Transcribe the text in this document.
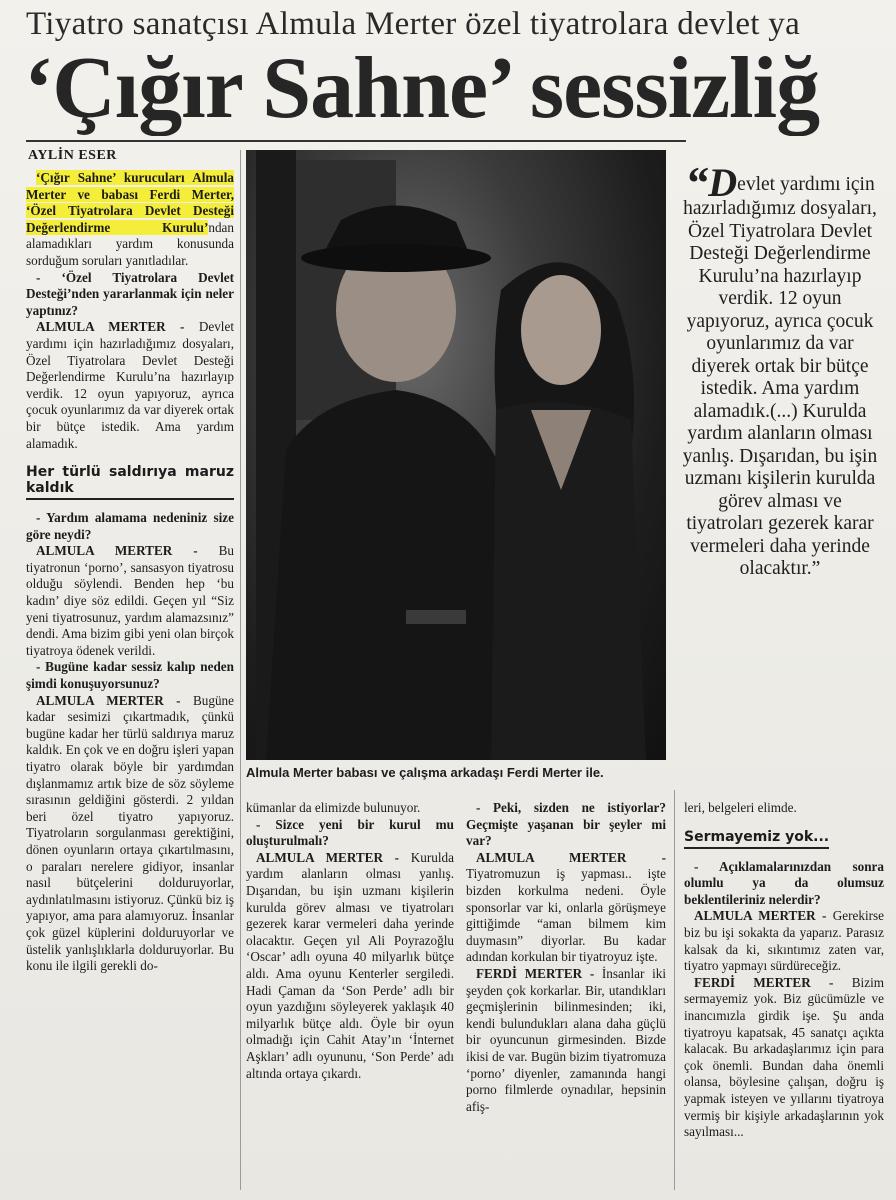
Tiyatro sanatçısı Almula Merter özel tiyatrolara devlet ya
‘Çığır Sahne’ sessizliğ
AYLİN ESER

‘Çığır Sahne’ kurucuları Almula Merter ve babası Ferdi Merter, ‘Özel Tiyatrolara Devlet Desteği Değerlendirme Kurulu’ndan alamadıkları yardım konusunda sorduğum soruları yanıtladılar.

- ‘Özel Tiyatrolara Devlet Desteği’nden yararlanmak için neler yaptınız?

ALMULA MERTER - Devlet yardımı için hazırladığımız dosyaları, Özel Tiyatrolara Devlet Desteği Değerlendirme Kurulu’na hazırlayıp verdik. 12 oyun yapıyoruz, ayrıca çocuk oyunlarımız da var diyerek ortak bir bütçe istedik. Ama yardım alamadık.

Her türlü saldırıya maruz kaldık

- Yardım alamama nedeniniz size göre neydi?

ALMULA MERTER - Bu tiyatronun ‘porno’, sansasyon tiyatrosu olduğu söylendi. Benden hep ‘bu kadın’ diye söz edildi. Geçen yıl “Siz yeni tiyatrosunuz, yardım alamazsınız” dendi. Ama bizim gibi yeni olan birçok tiyatroya ödenek verildi.

- Bugüne kadar sessiz kalıp neden şimdi konuşuyorsunuz?

ALMULA MERTER - Bugüne kadar sesimizi çıkartmadık, çünkü bugüne kadar her türlü saldırıya maruz kaldık. En çok ve en doğru işleri yapan tiyatro olarak böyle bir yardımdan dışlanmamız artık bize de söz söyleme sırasının geldiğini gösterdi. 2 yıldan beri özel tiyatro yapıyoruz. Tiyatroların sorgulanması gerektiğini, dönen oyunların ortaya çıkartılmasını, o paraları nerelere gidiyor, insanlar nasıl bütçelerini dolduruyorlar, aydınlatılmasını istiyoruz. Çünkü biz iş yapıyor, ama para alamıyoruz. İnsanlar çok güzel küplerini dolduruyorlar ve üstelik yanlışlıklarla dolduruyorlar. Bu konu ile ilgili gerekli do-

Almula Merter babası ve çalışma arkadaşı Ferdi Merter ile.
“Devlet yardımı için hazırladığımız dosyaları, Özel Tiyatrolara Devlet Desteği Değerlendirme Kurulu’na hazırlayıp verdik. 12 oyun yapıyoruz, ayrıca çocuk oyunlarımız da var diyerek ortak bir bütçe istedik. Ama yardım alamadık.(...) Kurulda yardım alanların olması yanlış. Dışarıdan, bu işin uzmanı kişilerin kurulda görev alması ve tiyatroları gezerek karar vermeleri daha yerinde olacaktır.”

kümanlar da elimizde bulunuyor.

- Sizce yeni bir kurul mu oluşturulmalı?

ALMULA MERTER - Kurulda yardım alanların olması yanlış. Dışarıdan, bu işin uzmanı kişilerin kurulda görev alması ve tiyatroları gezerek karar vermeleri daha yerinde olacaktır. Geçen yıl Ali Poyrazoğlu ‘Oscar’ adlı oyuna 40 milyarlık bütçe aldı. Ama oyunu Kenterler sergiledi. Hadi Çaman da ‘Son Perde’ adlı bir oyun yazdığını söyleyerek yaklaşık 40 milyarlık bütçe aldı. Öyle bir oyun olmadığı için Cahit Atay’ın ‘İnternet Aşkları’ adlı oyununu, ‘Son Perde’ adı altında ortaya çıkardı.

- Peki, sizden ne istiyorlar? Geçmişte yaşanan bir şeyler mi var?

ALMULA MERTER - Tiyatromuzun iş yapması.. işte bizden korkulma nedeni. Öyle sponsorlar var ki, onlarla görüşmeye gittiğimde “aman bilmem kim duymasın” diyorlar. Bu kadar adından korkulan bir tiyatroyuz işte.

FERDİ MERTER - İnsanlar iki şeyden çok korkarlar. Bir, utandıkları geçmişlerinin bilinmesinden; iki, kendi bulundukları alana daha güçlü bir oyuncunun girmesinden. Bizde ikisi de var. Bugün bizim tiyatromuza ‘porno’ diyenler, zamanında hangi porno filmlerde oynadılar, hepsinin afiş-

leri, belgeleri elimde.

Sermayemiz yok...

- Açıklamalarınızdan sonra olumlu ya da olumsuz beklentileriniz nelerdir?

ALMULA MERTER - Gerekirse biz bu işi sokakta da yaparız. Parasız kalsak da ki, sıkıntımız zaten var, tiyatro yapmayı sürdüreceğiz.

FERDİ MERTER - Bizim sermayemiz yok. Biz gücümüzle ve inancımızla girdik işe. Şu anda tiyatroyu kapatsak, 45 sanatçı açıkta kalacak. Bu arkadaşlarımız için para çok önemli. Bundan daha önemli olansa, böylesine çalışan, doğru iş yapmak isteyen ve yıllarını tiyatroya vermiş bir kişiyle arkadaşlarının yok sayılması...
